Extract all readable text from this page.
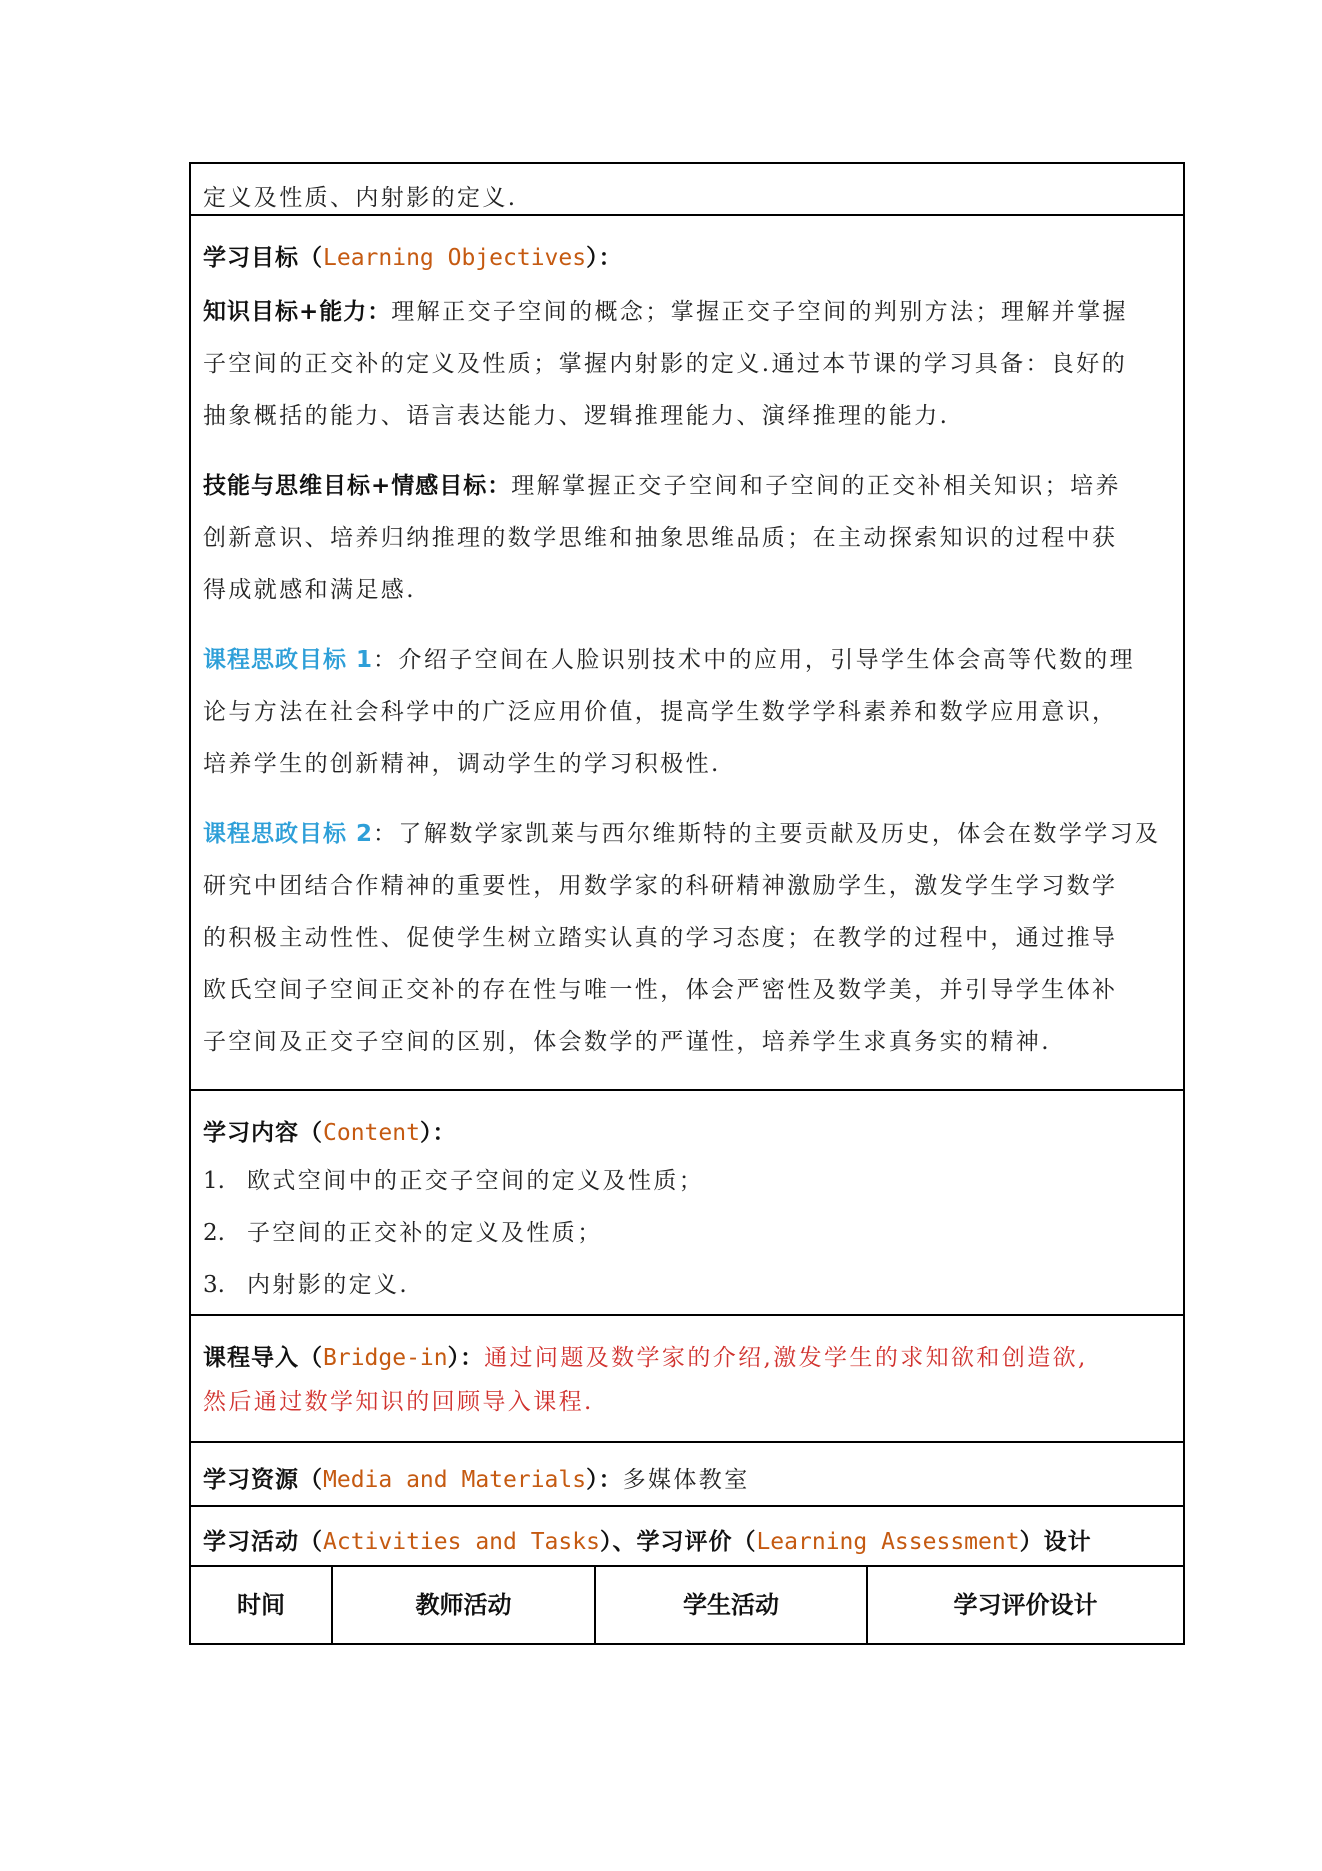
定义及性质、内射影的定义.
学习目标（Learning Objectives）：
知识目标+能力：理解正交子空间的概念；掌握正交子空间的判别方法；理解并掌握
子空间的正交补的定义及性质；掌握内射影的定义.通过本节课的学习具备：良好的
抽象概括的能力、语言表达能力、逻辑推理能力、演绎推理的能力.
技能与思维目标+情感目标：理解掌握正交子空间和子空间的正交补相关知识；培养
创新意识、培养归纳推理的数学思维和抽象思维品质；在主动探索知识的过程中获
得成就感和满足感.
课程思政目标 1：介绍子空间在人脸识别技术中的应用，引导学生体会高等代数的理
论与方法在社会科学中的广泛应用价值，提高学生数学学科素养和数学应用意识，
培养学生的创新精神，调动学生的学习积极性.
课程思政目标 2：了解数学家凯莱与西尔维斯特的主要贡献及历史，体会在数学学习及
研究中团结合作精神的重要性，用数学家的科研精神激励学生，激发学生学习数学
的积极主动性性、促使学生树立踏实认真的学习态度；在教学的过程中，通过推导
欧氏空间子空间正交补的存在性与唯一性，体会严密性及数学美，并引导学生体补
子空间及正交子空间的区别，体会数学的严谨性，培养学生求真务实的精神.
学习内容（Content）：
1. 欧式空间中的正交子空间的定义及性质；
2. 子空间的正交补的定义及性质；
3. 内射影的定义.
课程导入（Bridge-in）：通过问题及数学家的介绍,激发学生的求知欲和创造欲,
然后通过数学知识的回顾导入课程.
学习资源（Media and Materials）：多媒体教室
学习活动（Activities and Tasks）、学习评价（Learning Assessment）设计
时间	教师活动	学生活动	学习评价 设计
